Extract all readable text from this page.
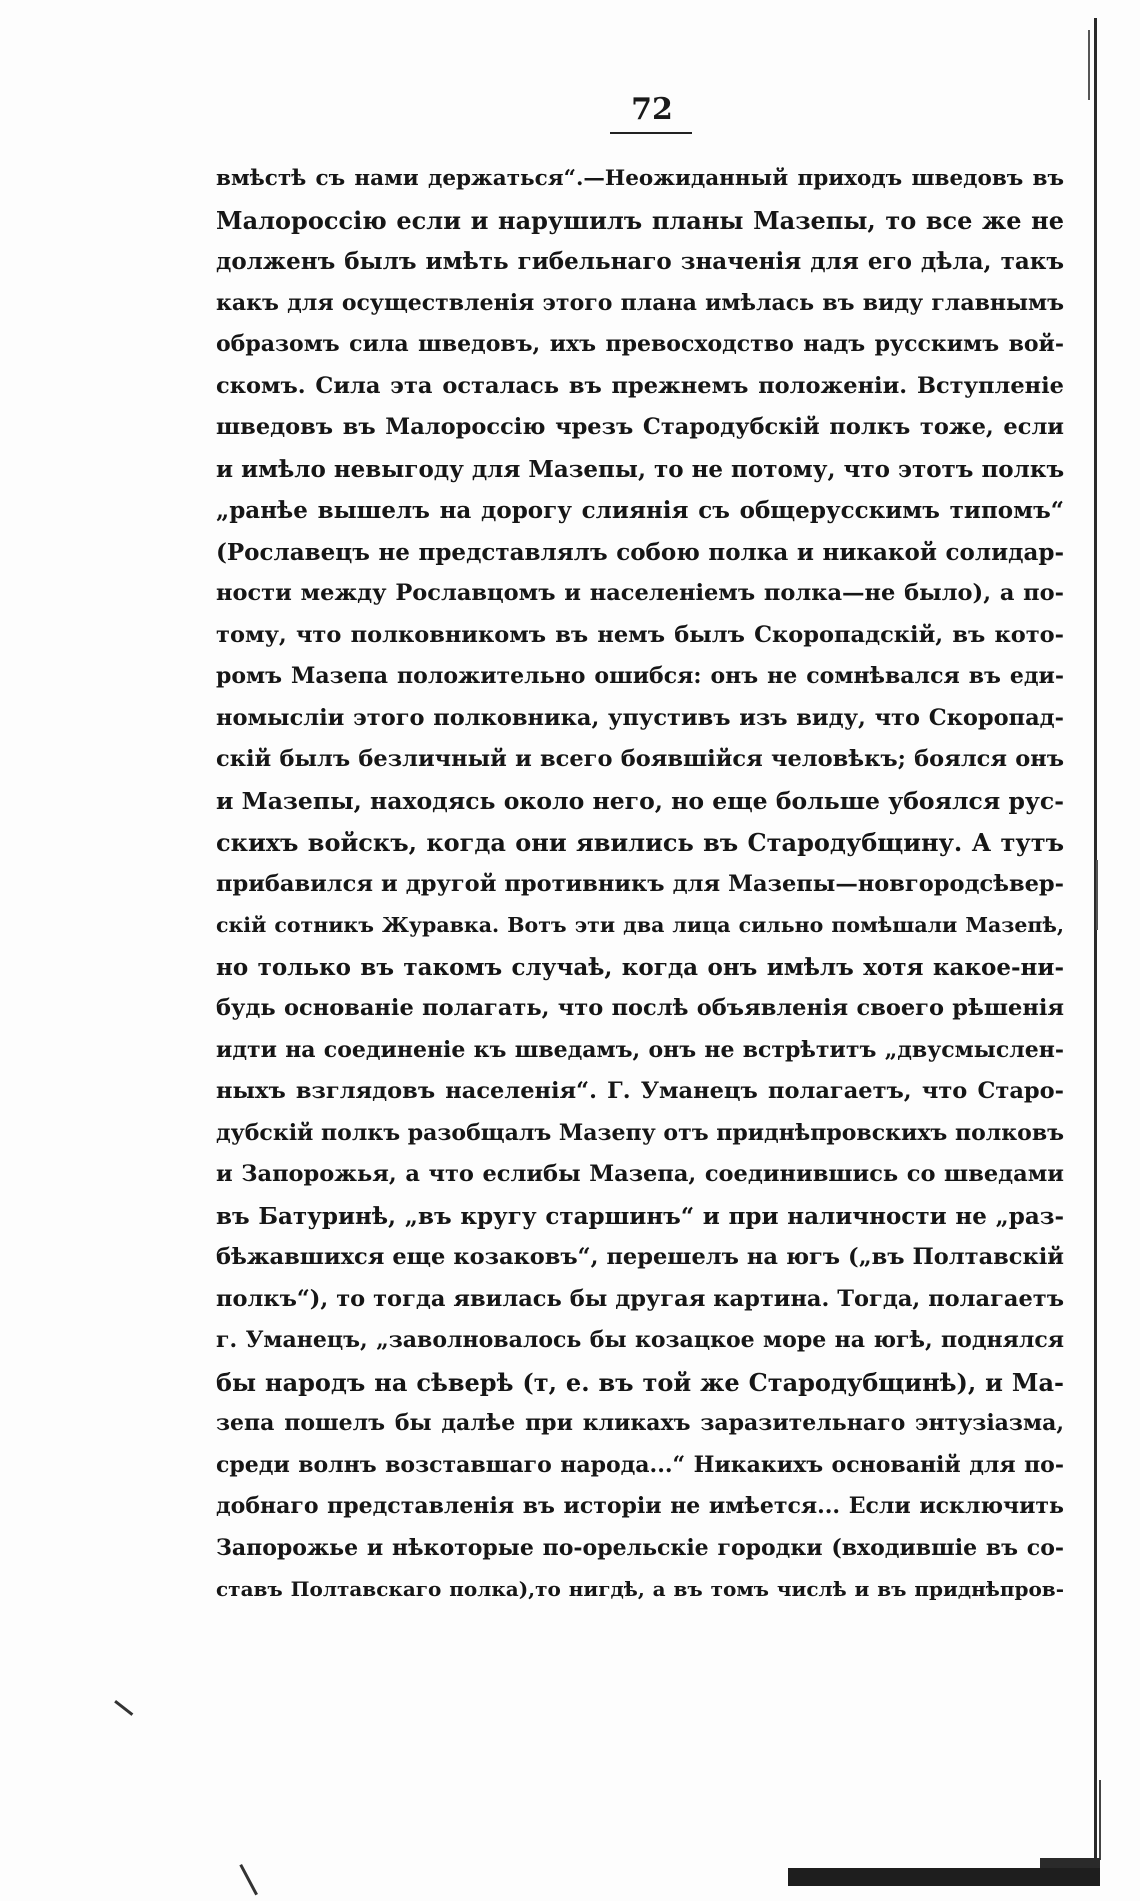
72
вмѣстѣ съ нами держаться“.—Неожиданный приходъ шведовъ въ
Малороссію если и нарушилъ планы Мазепы, то все же не
долженъ былъ имѣть гибельнаго значенія для его дѣла, такъ
какъ для осуществленія этого плана имѣлась въ виду главнымъ
образомъ сила шведовъ, ихъ превосходство надъ русскимъ вой-
скомъ. Сила эта осталась въ прежнемъ положеніи. Вступленіе
шведовъ въ Малороссію чрезъ Стародубскій полкъ тоже, если
и имѣло невыгоду для Мазепы, то не потому, что этотъ полкъ
„ранѣе вышелъ на дорогу слиянія съ общерусскимъ типомъ“
(Рославецъ не представлялъ собою полка и никакой солидар-
ности между Рославцомъ и населеніемъ полка—не было), а по-
тому, что полковникомъ въ немъ былъ Скоропадскій, въ кото-
ромъ Мазепа положительно ошибся: онъ не сомнѣвался въ еди-
номысліи этого полковника, упустивъ изъ виду, что Скоропад-
скій былъ безличный и всего боявшійся человѣкъ; боялся онъ
и Мазепы, находясь около него, но еще больше убоялся рус-
скихъ войскъ, когда они явились въ Стародубщину. А тутъ
прибавился и другой противникъ для Мазепы—новгородсѣвер-
скій сотникъ Журавка. Вотъ эти два лица сильно помѣшали Мазепѣ,
но только въ такомъ случаѣ, когда онъ имѣлъ хотя какое-ни-
будь основаніе полагать, что послѣ объявленія своего рѣшенія
идти на соединеніе къ шведамъ, онъ не встрѣтитъ „двусмыслен-
ныхъ взглядовъ населенія“. Г. Уманецъ полагаетъ, что Старо-
дубскій полкъ разобщалъ Мазепу отъ приднѣпровскихъ полковъ
и Запорожья, а что еслибы Мазепа, соединившись со шведами
въ Батуринѣ, „въ кругу старшинъ“ и при наличности не „раз-
бѣжавшихся еще козаковъ“, перешелъ на югъ („въ Полтавскій
полкъ“), то тогда явилась бы другая картина. Тогда, полагаетъ
г. Уманецъ, „заволновалось бы козацкое море на югѣ, поднялся
бы народъ на сѣверѣ (т, е. въ той же Стародубщинѣ), и Ма-
зепа пошелъ бы далѣе при кликахъ заразительнаго энтузіазма,
среди волнъ возставшаго народа...“ Никакихъ основаній для по-
добнаго представленія въ исторіи не имѣется... Если исключить
Запорожье и нѣкоторые по-орельскіе городки (входившіе въ со-
ставъ Полтавскаго полка),то нигдѣ, а въ томъ числѣ и въ приднѣпров-
